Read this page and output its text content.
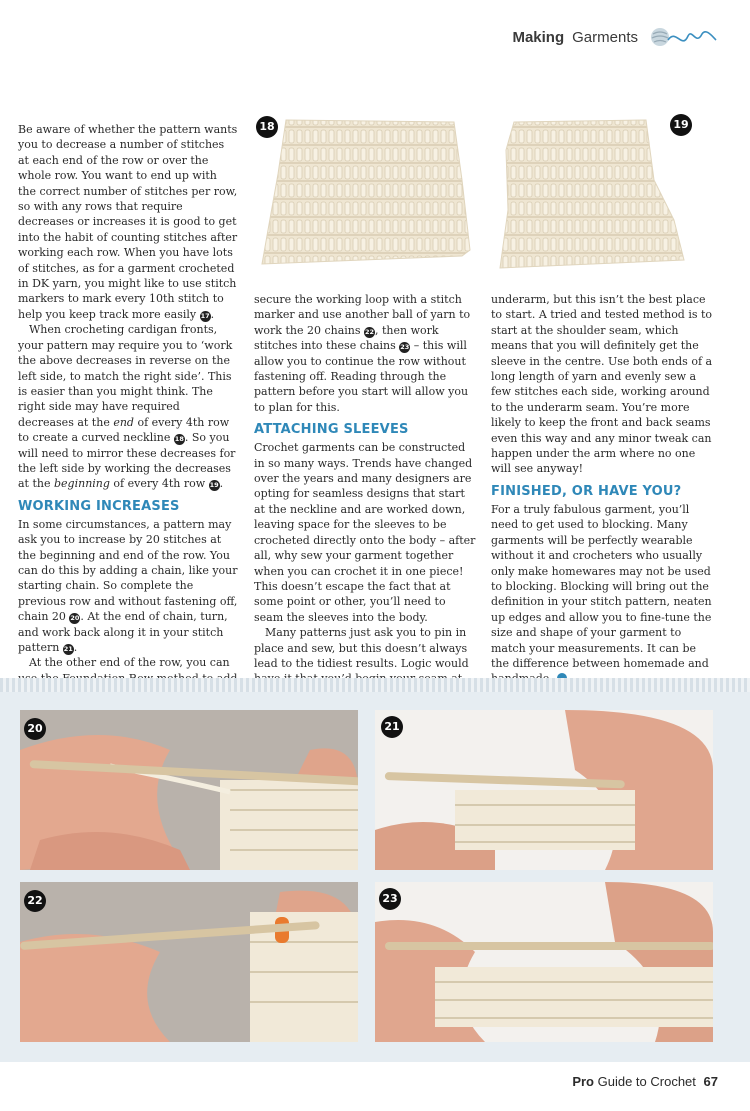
Making Garments

Be aware of whether the pattern wants you to decrease a number of stitches at each end of the row or over the whole row. You want to end up with the correct number of stitches per row, so with any rows that require decreases or increases it is good to get into the habit of counting stitches after working each row. When you have lots of stitches, as for a garment crocheted in DK yarn, you might like to use stitch markers to mark every 10th stitch to help you keep track more easily 17.

When crocheting cardigan fronts, your pattern may require you to ‘work the above decreases in reverse on the left side, to match the right side’. This is easier than you might think. The right side may have required decreases at the end of every 4th row to create a curved neckline 18. So you will need to mirror these decreases for the left side by working the decreases at the beginning of every 4th row 19.

WORKING INCREASES

In some circumstances, a pattern may ask you to increase by 20 stitches at the beginning and end of the row. You can do this by adding a chain, like your starting chain. So complete the previous row and without fastening off, chain 20 20. At the end of chain, turn, and work back along it in your stitch pattern 21.

At the other end of the row, you can

18	19

secure the working loop with a stitch marker and use another ball of yarn to work the 20 chains 22, then work stitches into these chains 23 – this will allow you to continue the row without fastening off. Reading through the pattern before you start will allow you to plan for this.

ATTACHING SLEEVES

Crochet garments can be constructed in so many ways. Trends have changed over the years and many designers are opting for seamless designs that start at the neckline and are worked down, leaving space for the sleeves to be crocheted directly onto the body – after all, why sew your garment together when you can crochet it in one piece! This doesn’t escape the fact that at some point or other, you’ll need to seam the sleeves into the body.

Many patterns just ask you to pin in place and sew, but this doesn’t always lead to the tidiest results. Logic would

underarm, but this isn’t the best place to start. A tried and tested method is to start at the shoulder seam, which means that you will definitely get the sleeve in the centre. Use both ends of a long length of yarn and evenly sew a few stitches each side, working around to the underarm seam. You’re more likely to keep the front and back seams even this way and any minor tweak can happen under the arm where no one will see anyway!

FINISHED, OR HAVE YOU?

For a truly fabulous garment, you’ll need to get used to blocking. Many garments will be perfectly wearable without it and crocheters who usually only make homewares may not be used to blocking. Blocking will bring out the definition in your stitch pattern, neaten up edges and allow you to fine-tune the size and shape of your garment to match your measurements. It can be the difference between homemade and

20	21
22	23
Pro Guide to Crochet 67
